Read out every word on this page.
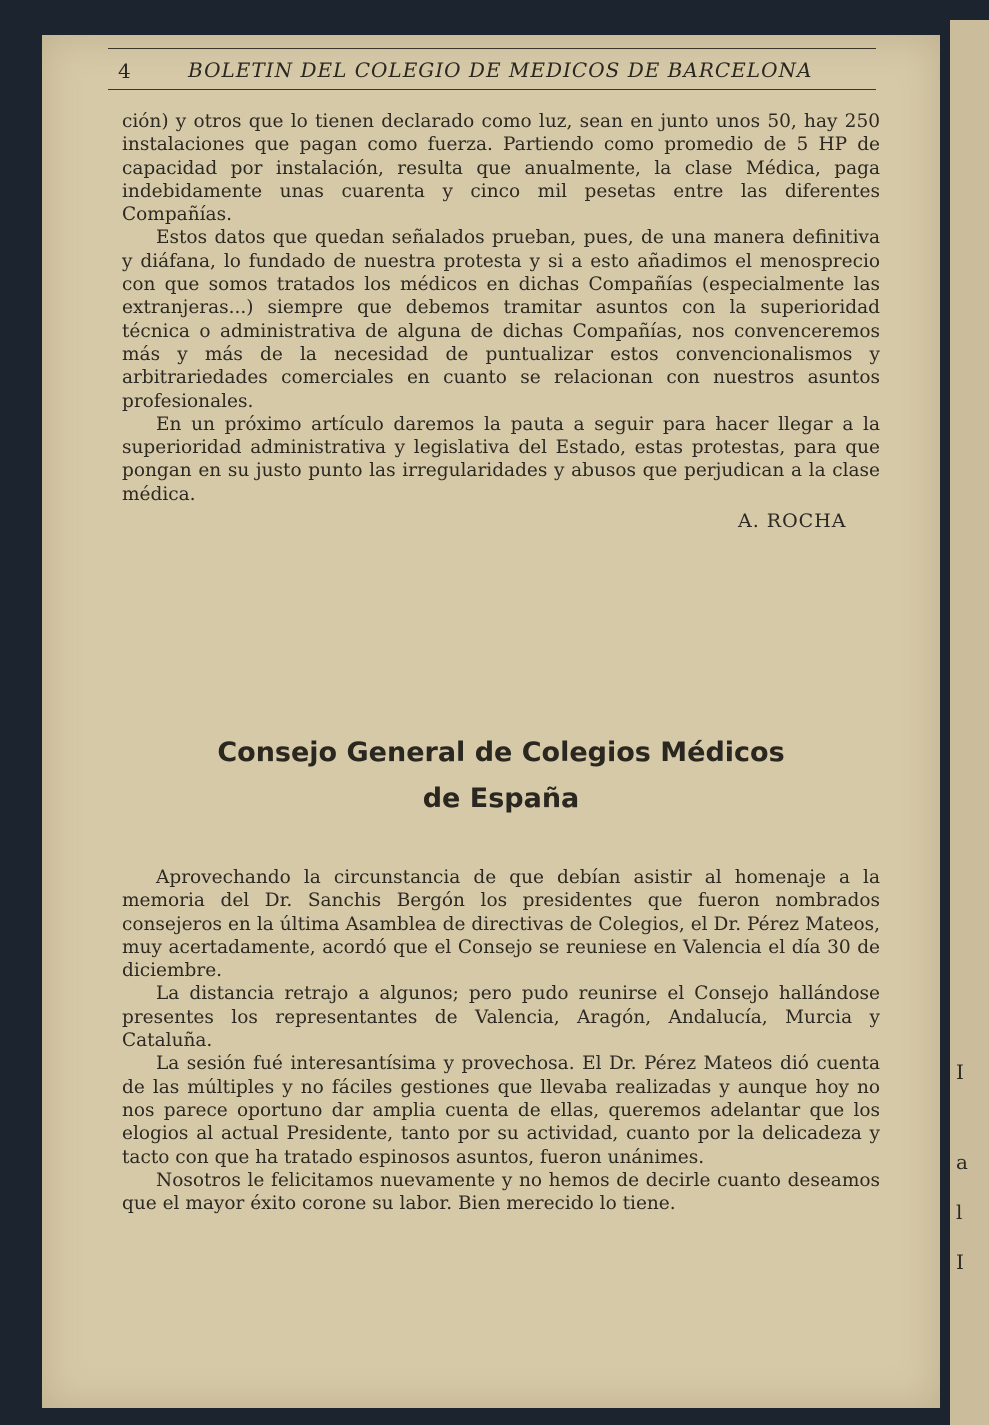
I
a
l
I
4	BOLETIN DEL COLEGIO DE MEDICOS DE BARCELONA

ción) y otros que lo tienen declarado como luz, sean en junto unos 50, hay 250 instalaciones que pagan como fuerza. Partiendo como promedio de 5 HP de capacidad por instalación, resulta que anualmente, la clase Médica, paga indebidamente unas cuarenta y cinco mil pesetas entre las diferentes Compañías.

Estos datos que quedan señalados prueban, pues, de una manera definitiva y diáfana, lo fundado de nuestra protesta y si a esto añadimos el menosprecio con que somos tratados los médicos en dichas Compañías (especialmente las extranjeras...) siempre que debemos tramitar asuntos con la superioridad técnica o administrativa de alguna de dichas Compañías, nos convenceremos más y más de la necesidad de puntualizar estos convencionalismos y arbitrariedades comerciales en cuanto se relacionan con nuestros asuntos profesionales.

En un próximo artículo daremos la pauta a seguir para hacer llegar a la superioridad administrativa y legislativa del Estado, estas protestas, para que pongan en su justo punto las irregularidades y abusos que perjudican a la clase médica.

A. ROCHA
Consejo General de Colegios Médicos
de España

Aprovechando la circunstancia de que debían asistir al homenaje a la memoria del Dr. Sanchis Bergón los presidentes que fueron nombrados consejeros en la última Asamblea de directivas de Colegios, el Dr. Pérez Mateos, muy acertadamente, acordó que el Consejo se reuniese en Valencia el día 30 de diciembre.

La distancia retrajo a algunos; pero pudo reunirse el Consejo hallándose presentes los representantes de Valencia, Aragón, Andalucía, Murcia y Cataluña.

La sesión fué interesantísima y provechosa. El Dr. Pérez Mateos dió cuenta de las múltiples y no fáciles gestiones que llevaba realizadas y aunque hoy no nos parece oportuno dar amplia cuenta de ellas, queremos adelantar que los elogios al actual Presidente, tanto por su actividad, cuanto por la delicadeza y tacto con que ha tratado espinosos asuntos, fueron unánimes.

Nosotros le felicitamos nuevamente y no hemos de decirle cuanto deseamos que el mayor éxito corone su labor. Bien merecido lo tiene.
